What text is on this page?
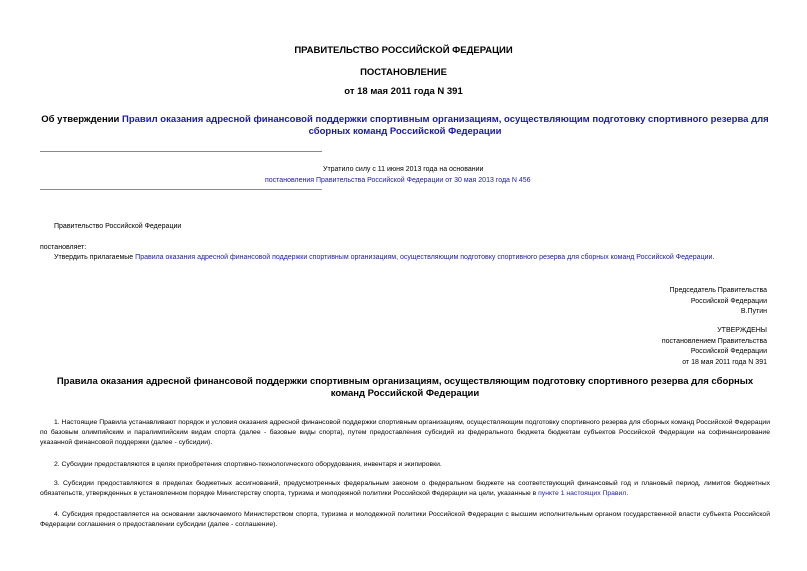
ПРАВИТЕЛЬСТВО РОССИЙСКОЙ ФЕДЕРАЦИИ
ПОСТАНОВЛЕНИЕ
от 18 мая 2011 года N 391
Об утверждении Правил оказания адресной финансовой поддержки спортивным организациям, осуществляющим подготовку спортивного резерва для сборных команд Российской Федерации
Утратило силу с 11 июня 2013 года на основании
постановления Правительства Российской Федерации от 30 мая 2013 года N 456
Правительство Российской Федерации
постановляет:
Утвердить прилагаемые Правила оказания адресной финансовой поддержки спортивным организациям, осуществляющим подготовку спортивного резерва для сборных команд Российской Федерации.
Председатель Правительства
Российской Федерации
В.Путин
УТВЕРЖДЕНЫ
постановлением Правительства
Российской Федерации
от 18 мая 2011 года N 391
Правила оказания адресной финансовой поддержки спортивным организациям, осуществляющим подготовку спортивного резерва для сборных команд Российской Федерации
1. Настоящие Правила устанавливают порядок и условия оказания адресной финансовой поддержки спортивным организациям, осуществляющим подготовку спортивного резерва для сборных команд Российской Федерации по базовым олимпийским и паралимпийским видам спорта (далее - базовые виды спорта), путем предоставления субсидий из федерального бюджета бюджетам субъектов Российской Федерации на софинансирование указанной финансовой поддержки (далее - субсидии).
2. Субсидии предоставляются в целях приобретения спортивно-технологического оборудования, инвентаря и экипировки.
3. Субсидии предоставляются в пределах бюджетных ассигнований, предусмотренных федеральным законом о федеральном бюджете на соответствующий финансовый год и плановый период, лимитов бюджетных обязательств, утвержденных в установленном порядке Министерству спорта, туризма и молодежной политики Российской Федерации на цели, указанные в пункте 1 настоящих Правил.
4. Субсидия предоставляется на основании заключаемого Министерством спорта, туризма и молодежной политики Российской Федерации с высшим исполнительным органом государственной власти субъекта Российской Федерации соглашения о предоставлении субсидии (далее - соглашение).
